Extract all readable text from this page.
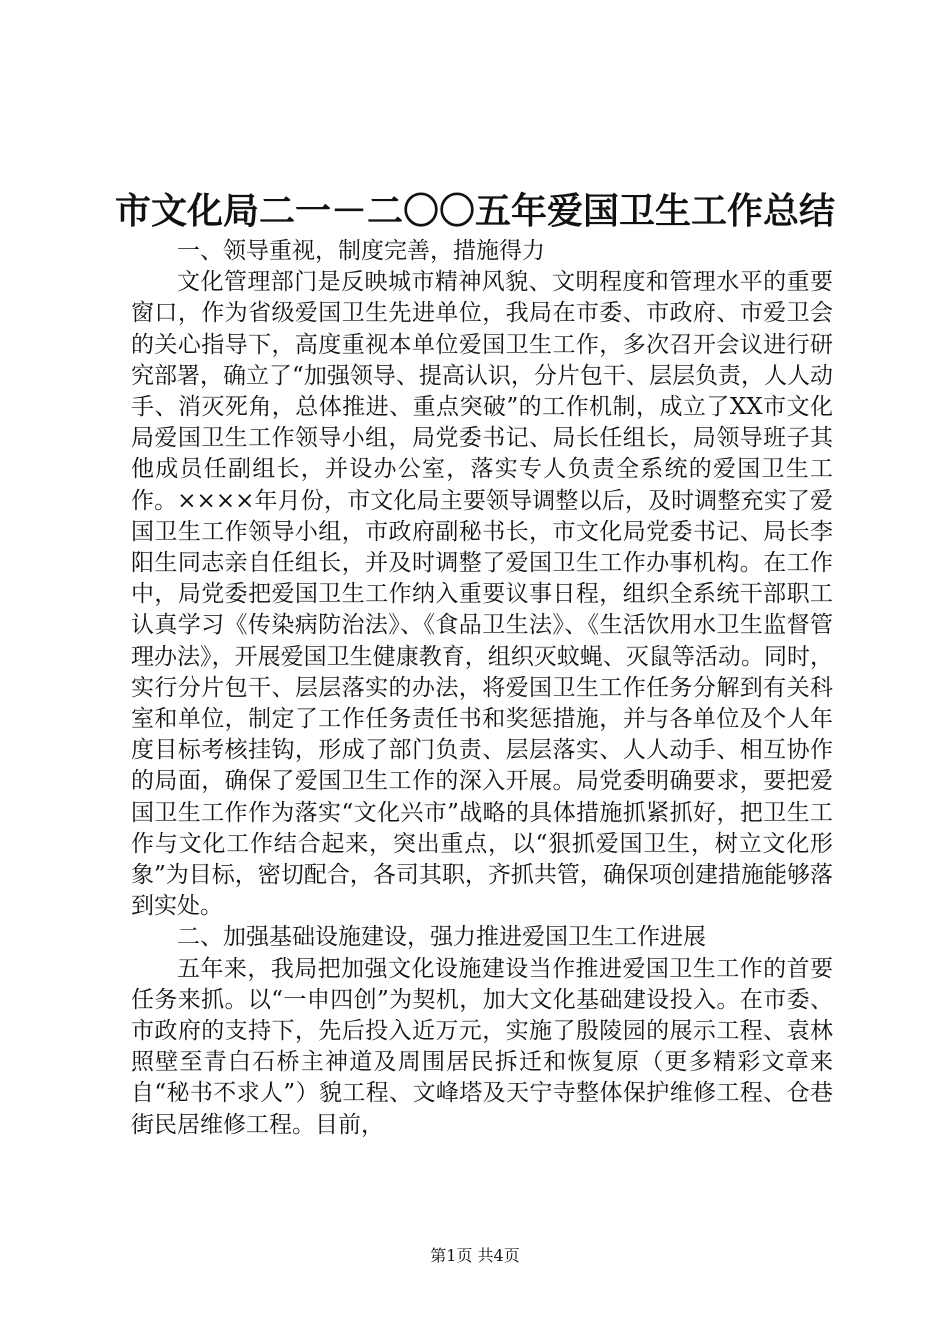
市文化局二一－二〇〇五年爱国卫生工作总结

一、领导重视，制度完善，措施得力

文化管理部门是反映城市精神风貌、文明程度和管理水平的重要窗口，作为省级爱国卫生先进单位，我局在市委、市政府、市爱卫会的关心指导下，高度重视本单位爱国卫生工作，多次召开会议进行研究部署，确立了“加强领导、提高认识，分片包干、层层负责，人人动手、消灭死角，总体推进、重点突破”的工作机制，成立了XX市文化局爱国卫生工作领导小组，局党委书记、局长任组长，局领导班子其他成员任副组长，并设办公室，落实专人负责全系统的爱国卫生工作。××××年月份，市文化局主要领导调整以后，及时调整充实了爱国卫生工作领导小组，市政府副秘书长，市文化局党委书记、局长李阳生同志亲自任组长，并及时调整了爱国卫生工作办事机构。在工作中，局党委把爱国卫生工作纳入重要议事日程，组织全系统干部职工认真学习《传染病防治法》、《食品卫生法》、《生活饮用水卫生监督管理办法》，开展爱国卫生健康教育，组织灭蚊蝇、灭鼠等活动。同时，实行分片包干、层层落实的办法，将爱国卫生工作任务分解到有关科室和单位，制定了工作任务责任书和奖惩措施，并与各单位及个人年度目标考核挂钩，形成了部门负责、层层落实、人人动手、相互协作的局面，确保了爱国卫生工作的深入开展。局党委明确要求，要把爱国卫生工作作为落实“文化兴市”战略的具体措施抓紧抓好，把卫生工作与文化工作结合起来，突出重点，以“狠抓爱国卫生，树立文化形象”为目标，密切配合，各司其职，齐抓共管，确保项创建措施能够落到实处。

二、加强基础设施建设，强力推进爱国卫生工作进展

五年来，我局把加强文化设施建设当作推进爱国卫生工作的首要任务来抓。以“一申四创”为契机，加大文化基础建设投入。在市委、市政府的支持下，先后投入近万元，实施了殷陵园的展示工程、袁林照壁至青白石桥主神道及周围居民拆迁和恢复原（更多精彩文章来自“秘书不求人”）貌工程、文峰塔及天宁寺整体保护维修工程、仓巷街民居维修工程。目前，

第1页 共4页
